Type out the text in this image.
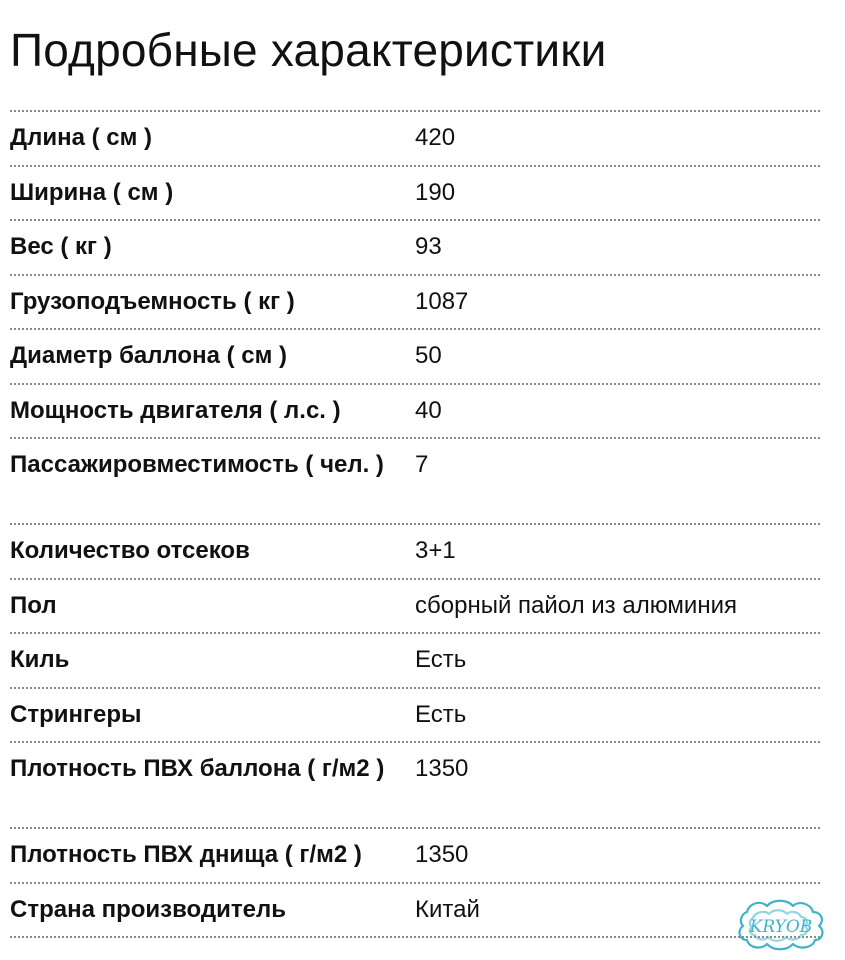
Подробные характеристики
Длина ( см )	420
Ширина ( см )	190
Вес ( кг )	93
Грузоподъемность ( кг )	1087
Диаметр баллона ( см )	50
Мощность двигателя ( л.с. )	40
Пассажировместимость ( чел. )	7
Количество отсеков	3+1
Пол	сборный пайол из алюминия
Киль	Есть
Стрингеры	Есть
Плотность ПВХ баллона ( г/м2 )	1350
Плотность ПВХ днища ( г/м2 )	1350
Страна производитель	Китай
KRYOB
